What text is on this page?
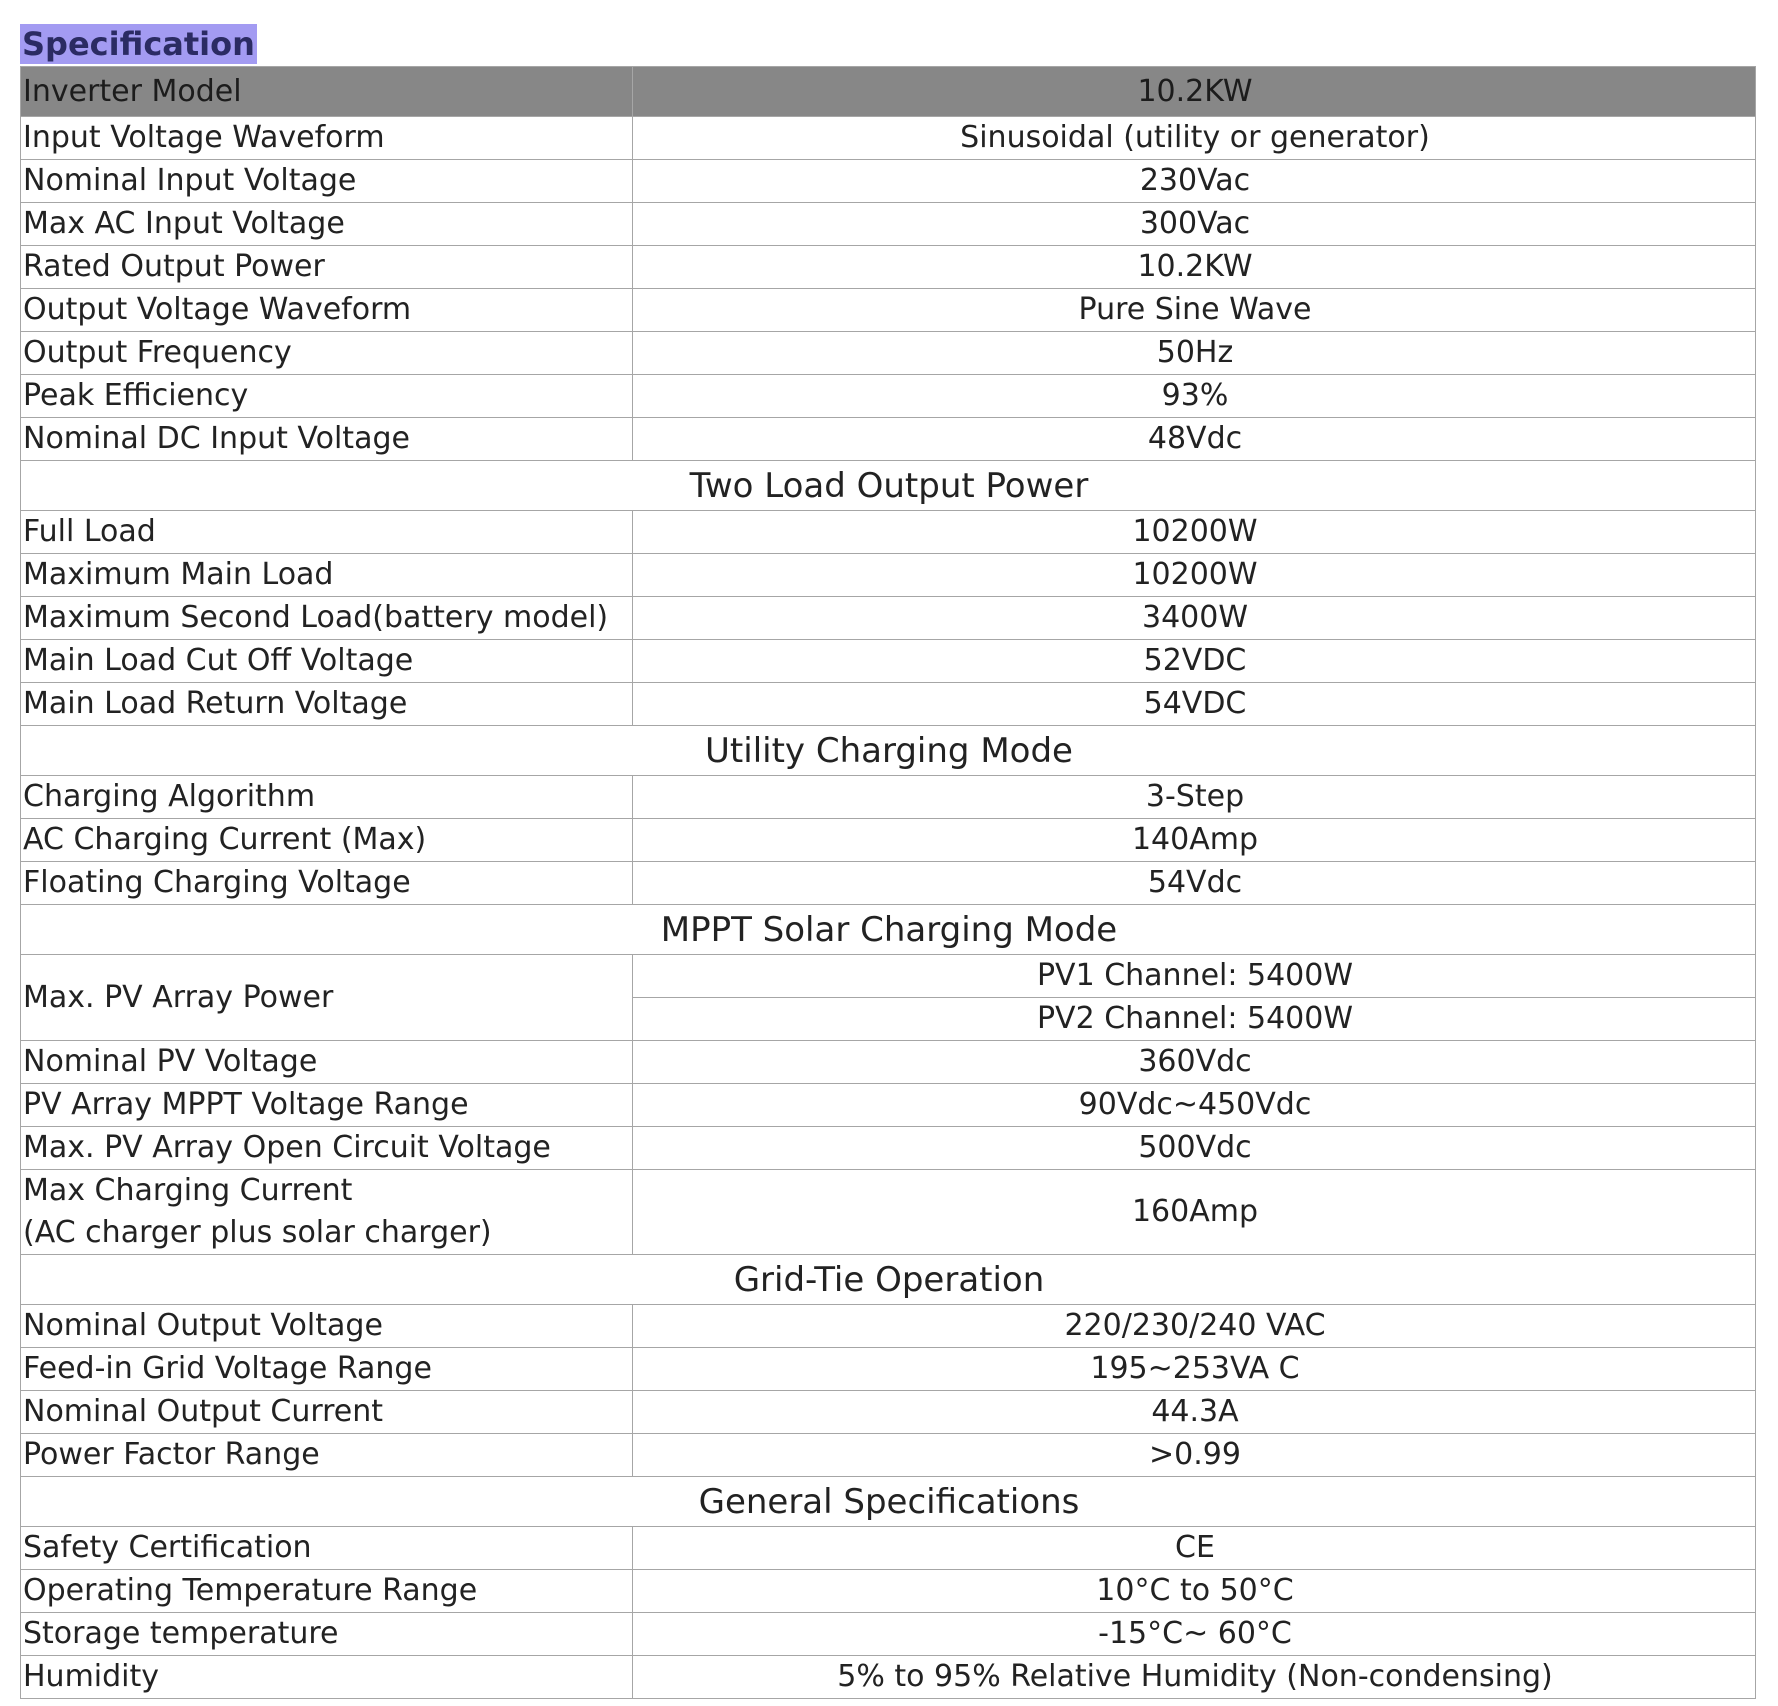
Specification
Inverter Model	10.2KW
Input Voltage Waveform	Sinusoidal (utility or generator)
Nominal Input Voltage	230Vac
Max AC Input Voltage	300Vac
Rated Output Power	10.2KW
Output Voltage Waveform	Pure Sine Wave
Output Frequency	50Hz
Peak Efficiency	93%
Nominal DC Input Voltage	48Vdc
Two Load Output Power	
Full Load	10200W
Maximum Main Load	10200W
Maximum Second Load(battery model)	3400W
Main Load Cut Off Voltage	52VDC
Main Load Return Voltage	54VDC
Utility Charging Mode	
Charging Algorithm	3-Step
AC Charging Current (Max)	140Amp
Floating Charging Voltage	54Vdc
MPPT Solar Charging Mode	
Max. PV Array Power	PV1 Channel: 5400W
	PV2 Channel: 5400W
Nominal PV Voltage	360Vdc
PV Array MPPT Voltage Range	90Vdc~450Vdc
Max. PV Array Open Circuit Voltage	500Vdc

Max Charging Current
(AC charger plus solar charger)	160Amp
Grid-Tie Operation	
Nominal Output Voltage	220/230/240 VAC
Feed-in Grid Voltage Range	195~253VA C
Nominal Output Current	44.3A
Power Factor Range	>0.99
General Specifications	
Safety Certification	CE
Operating Temperature Range	10°C to 50°C
Storage temperature	-15°C~ 60°C
Humidity	5% to 95% Relative Humidity (Non-condensing)
